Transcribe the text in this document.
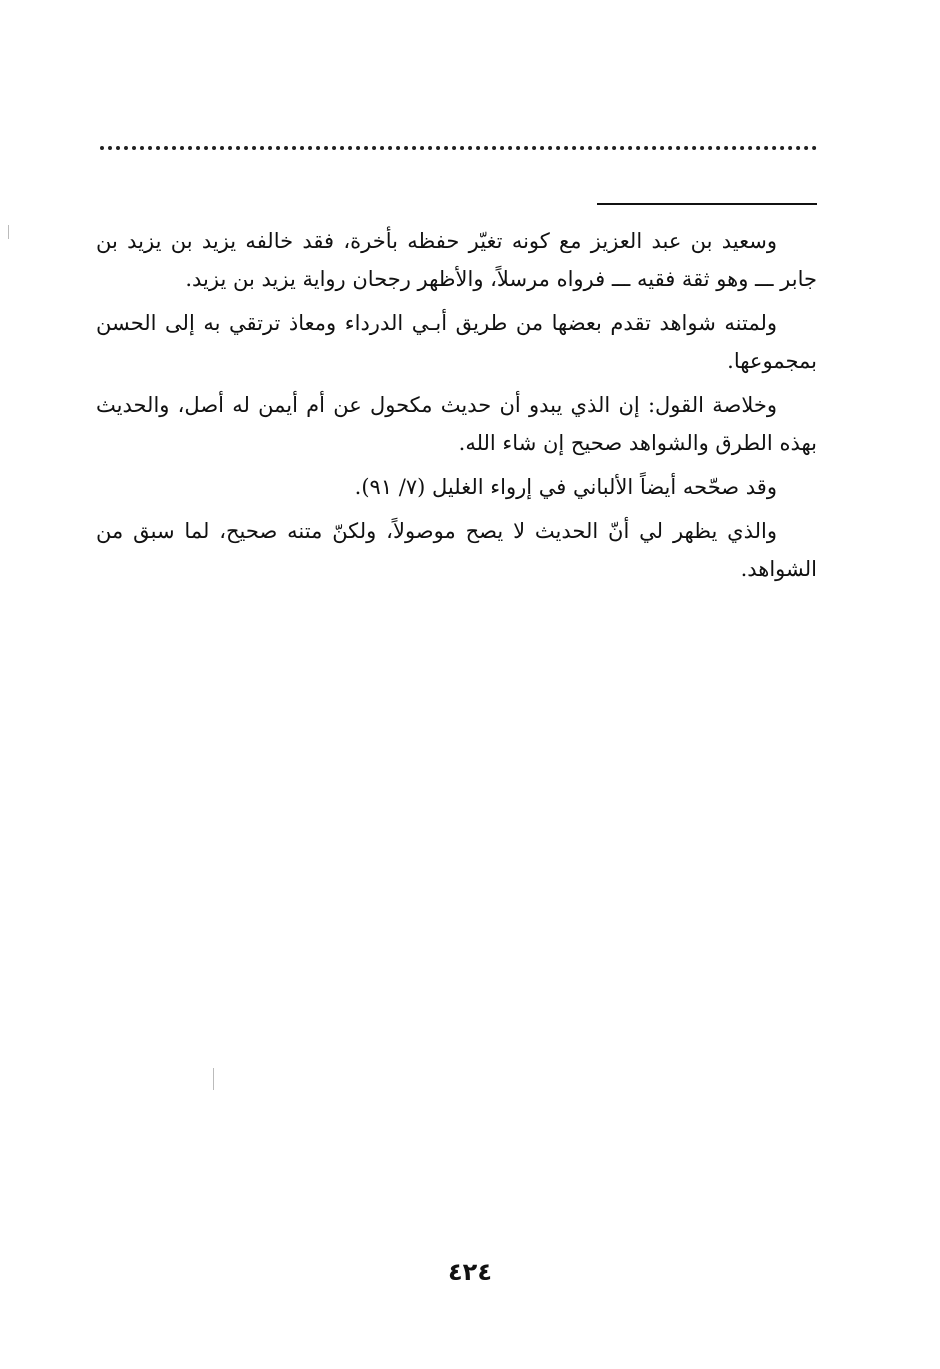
وسعيد بن عبد العزيز مع كونه تغيّر حفظه بأخرة، فقد خالفه يزيد بن يزيد بن جابر ـــ وهو ثقة فقيه ـــ فرواه مرسلاً، والأظهر رجحان رواية يزيد بن يزيد.

ولمتنه شواهد تقدم بعضها من طريق أبـي الدرداء ومعاذ ترتقي به إلى الحسن بمجموعها.

وخلاصة القول: إن الذي يبدو أن حديث مكحول عن أم أيمن له أصل، والحديث بهذه الطرق والشواهد صحيح إن شاء الله.

وقد صحّحه أيضاً الألباني في إرواء الغليل (٧/ ٩١).

والذي يظهر لي أنّ الحديث لا يصح موصولاً، ولكنّ متنه صحيح، لما سبق من الشواهد.

٤٢٤
